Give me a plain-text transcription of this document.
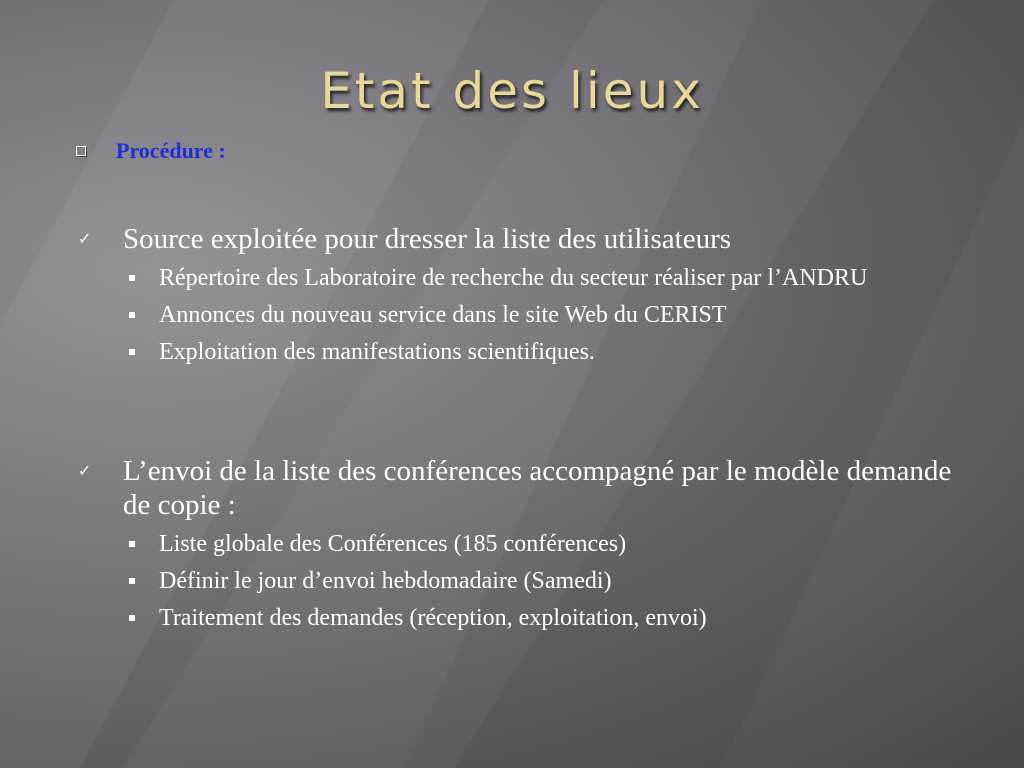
Etat des lieux
Procédure :
✓ Source exploitée pour dresser la liste des utilisateurs
Répertoire des Laboratoire de recherche du secteur réaliser par l’ANDRU
Annonces du nouveau service dans le site Web du CERIST
Exploitation des manifestations scientifiques.
✓ L’envoi de la liste des conférences accompagné par le modèle demande de copie :
Liste globale des Conférences (185 conférences)
Définir le jour d’envoi hebdomadaire (Samedi)
Traitement des demandes (réception, exploitation, envoi)
